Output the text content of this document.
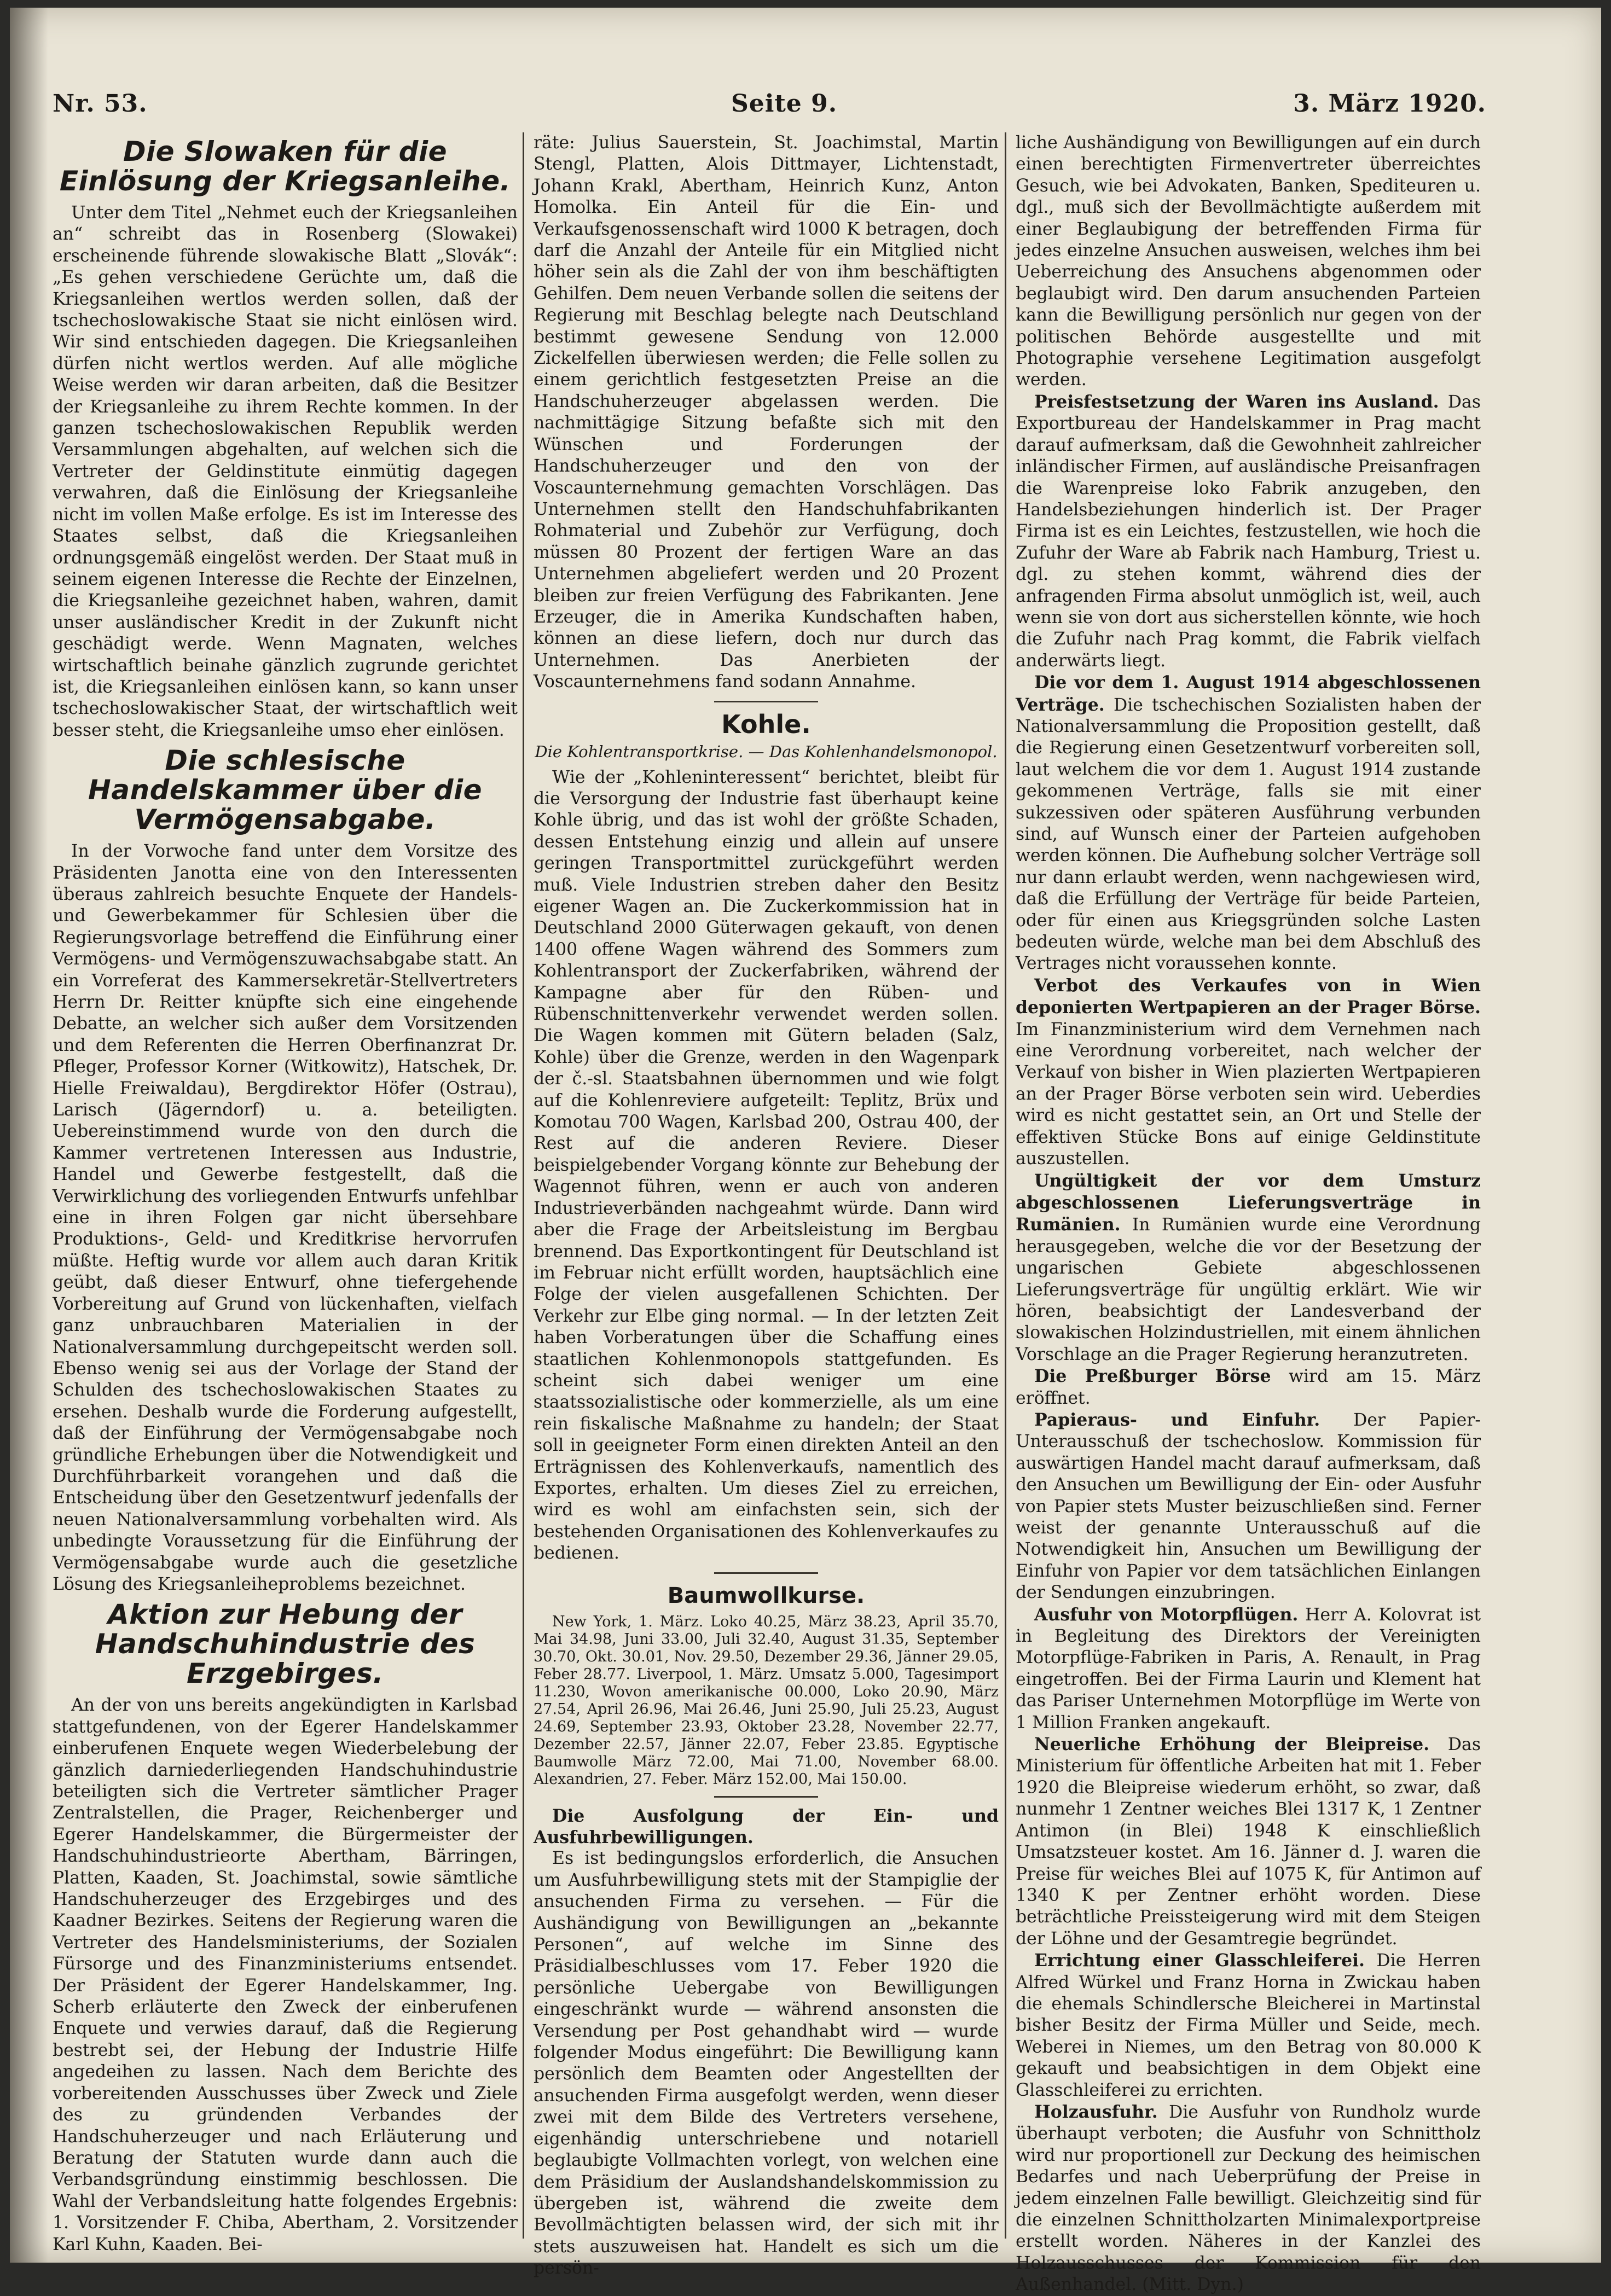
Nr. 53.	Seite 9.	3. März 1920.
Die Slowaken für die Einlösung der Kriegsanleihe.

Unter dem Titel „Nehmet euch der Kriegsanleihen an“ schreibt das in Rosenberg (Slowakei) erscheinende führende slowakische Blatt „Slovák“: „Es gehen verschiedene Gerüchte um, daß die Kriegsanleihen wertlos werden sollen, daß der tschechoslowakische Staat sie nicht einlösen wird. Wir sind entschieden dagegen. Die Kriegsanleihen dürfen nicht wertlos werden. Auf alle mögliche Weise werden wir daran arbeiten, daß die Besitzer der Kriegsanleihe zu ihrem Rechte kommen. In der ganzen tschechoslowakischen Republik werden Versammlungen abgehalten, auf welchen sich die Vertreter der Geldinstitute einmütig dagegen verwahren, daß die Einlösung der Kriegsanleihe nicht im vollen Maße erfolge. Es ist im Interesse des Staates selbst, daß die Kriegsanleihen ordnungsgemäß eingelöst werden. Der Staat muß in seinem eigenen Interesse die Rechte der Einzelnen, die Kriegsanleihe gezeichnet haben, wahren, damit unser ausländischer Kredit in der Zukunft nicht geschädigt werde. Wenn Magnaten, welches wirtschaftlich beinahe gänzlich zugrunde gerichtet ist, die Kriegsanleihen einlösen kann, so kann unser tschechoslowakischer Staat, der wirtschaftlich weit besser steht, die Kriegsanleihe umso eher einlösen.

Die schlesische Handelskammer über die Vermögensabgabe.

In der Vorwoche fand unter dem Vorsitze des Präsidenten Janotta eine von den Interessenten überaus zahlreich besuchte Enquete der Handels- und Gewerbekammer für Schlesien über die Regierungsvorlage betreffend die Einführung einer Vermögens- und Vermögenszuwachsabgabe statt. An ein Vorreferat des Kammersekretär-Stellvertreters Herrn Dr. Reitter knüpfte sich eine eingehende Debatte, an welcher sich außer dem Vorsitzenden und dem Referenten die Herren Oberfinanzrat Dr. Pfleger, Professor Korner (Witkowitz), Hatschek, Dr. Hielle Freiwaldau), Bergdirektor Höfer (Ostrau), Larisch (Jägerndorf) u. a. beteiligten. Uebereinstimmend wurde von den durch die Kammer vertretenen Interessen aus Industrie, Handel und Gewerbe festgestellt, daß die Verwirklichung des vorliegenden Entwurfs unfehlbar eine in ihren Folgen gar nicht übersehbare Produktions-, Geld- und Kreditkrise hervorrufen müßte. Heftig wurde vor allem auch daran Kritik geübt, daß dieser Entwurf, ohne tiefergehende Vorbereitung auf Grund von lückenhaften, vielfach ganz unbrauchbaren Materialien in der Nationalversammlung durchgepeitscht werden soll. Ebenso wenig sei aus der Vorlage der Stand der Schulden des tschechoslowakischen Staates zu ersehen. Deshalb wurde die Forderung aufgestellt, daß der Einführung der Vermögensabgabe noch gründliche Erhebungen über die Notwendigkeit und Durchführbarkeit vorangehen und daß die Entscheidung über den Gesetzentwurf jedenfalls der neuen Nationalversammlung vorbehalten wird. Als unbedingte Voraussetzung für die Einführung der Vermögensabgabe wurde auch die gesetzliche Lösung des Kriegsanleiheproblems bezeichnet.

Aktion zur Hebung der Handschuhindustrie des Erzgebirges.

An der von uns bereits angekündigten in Karlsbad stattgefundenen, von der Egerer Handelskammer einberufenen Enquete wegen Wiederbelebung der gänzlich darniederliegenden Handschuhindustrie beteiligten sich die Vertreter sämtlicher Prager Zentralstellen, die Prager, Reichenberger und Egerer Handelskammer, die Bürgermeister der Handschuhindustrieorte Abertham, Bärringen, Platten, Kaaden, St. Joachimstal, sowie sämtliche Handschuherzeuger des Erzgebirges und des Kaadner Bezirkes. Seitens der Regierung waren die Vertreter des Handelsministeriums, der Sozialen Fürsorge und des Finanzministeriums entsendet. Der Präsident der Egerer Handelskammer, Ing. Scherb erläuterte den Zweck der einberufenen Enquete und verwies darauf, daß die Regierung bestrebt sei, der Hebung der Industrie Hilfe angedeihen zu lassen. Nach dem Berichte des vorbereitenden Ausschusses über Zweck und Ziele des zu gründenden Verbandes der Handschuherzeuger und nach Erläuterung und Beratung der Statuten wurde dann auch die Verbandsgründung einstimmig beschlossen. Die Wahl der Verbandsleitung hatte folgendes Ergebnis: 1. Vorsitzender F. Chiba, Abertham, 2. Vorsitzender Karl Kuhn, Kaaden. Bei-

räte: Julius Sauerstein, St. Joachimstal, Martin Stengl, Platten, Alois Dittmayer, Lichtenstadt, Johann Krakl, Abertham, Heinrich Kunz, Anton Homolka. Ein Anteil für die Ein- und Verkaufsgenossenschaft wird 1000 K betragen, doch darf die Anzahl der Anteile für ein Mitglied nicht höher sein als die Zahl der von ihm beschäftigten Gehilfen. Dem neuen Verbande sollen die seitens der Regierung mit Beschlag belegte nach Deutschland bestimmt gewesene Sendung von 12.000 Zickelfellen überwiesen werden; die Felle sollen zu einem gerichtlich festgesetzten Preise an die Handschuherzeuger abgelassen werden. Die nachmittägige Sitzung befaßte sich mit den Wünschen und Forderungen der Handschuherzeuger und den von der Voscaunternehmung gemachten Vorschlägen. Das Unternehmen stellt den Handschuhfabrikanten Rohmaterial und Zubehör zur Verfügung, doch müssen 80 Prozent der fertigen Ware an das Unternehmen abgeliefert werden und 20 Prozent bleiben zur freien Verfügung des Fabrikanten. Jene Erzeuger, die in Amerika Kundschaften haben, können an diese liefern, doch nur durch das Unternehmen. Das Anerbieten der Voscaunternehmens fand sodann Annahme.

Kohle.
Die Kohlentransportkrise. — Das Kohlenhandelsmonopol.

Wie der „Kohleninteressent“ berichtet, bleibt für die Versorgung der Industrie fast überhaupt keine Kohle übrig, und das ist wohl der größte Schaden, dessen Entstehung einzig und allein auf unsere geringen Transportmittel zurückgeführt werden muß. Viele Industrien streben daher den Besitz eigener Wagen an. Die Zuckerkommission hat in Deutschland 2000 Güterwagen gekauft, von denen 1400 offene Wagen während des Sommers zum Kohlentransport der Zuckerfabriken, während der Kampagne aber für den Rüben- und Rübenschnittenverkehr verwendet werden sollen. Die Wagen kommen mit Gütern beladen (Salz, Kohle) über die Grenze, werden in den Wagenpark der č.-sl. Staatsbahnen übernommen und wie folgt auf die Kohlenreviere aufgeteilt: Teplitz, Brüx und Komotau 700 Wagen, Karlsbad 200, Ostrau 400, der Rest auf die anderen Reviere. Dieser beispielgebender Vorgang könnte zur Behebung der Wagennot führen, wenn er auch von anderen Industrieverbänden nachgeahmt würde. Dann wird aber die Frage der Arbeitsleistung im Bergbau brennend. Das Exportkontingent für Deutschland ist im Februar nicht erfüllt worden, hauptsächlich eine Folge der vielen ausgefallenen Schichten. Der Verkehr zur Elbe ging normal. — In der letzten Zeit haben Vorberatungen über die Schaffung eines staatlichen Kohlenmonopols stattgefunden. Es scheint sich dabei weniger um eine staatssozialistische oder kommerzielle, als um eine rein fiskalische Maßnahme zu handeln; der Staat soll in geeigneter Form einen direkten Anteil an den Erträgnissen des Kohlenverkaufs, namentlich des Exportes, erhalten. Um dieses Ziel zu erreichen, wird es wohl am einfachsten sein, sich der bestehenden Organisationen des Kohlenverkaufes zu bedienen.

Baumwollkurse.

New York, 1. März. Loko 40.25, März 38.23, April 35.70, Mai 34.98, Juni 33.00, Juli 32.40, August 31.35, September 30.70, Okt. 30.01, Nov. 29.50, Dezember 29.36, Jänner 29.05, Feber 28.77. Liverpool, 1. März. Umsatz 5.000, Tagesimport 11.230, Wovon amerikanische 00.000, Loko 20.90, März 27.54, April 26.96, Mai 26.46, Juni 25.90, Juli 25.23, August 24.69, September 23.93, Oktober 23.28, November 22.77, Dezember 22.57, Jänner 22.07, Feber 23.85. Egyptische Baumwolle März 72.00, Mai 71.00, November 68.00. Alexandrien, 27. Feber. März 152.00, Mai 150.00.

Die Ausfolgung der Ein- und Ausfuhrbewilligungen.

Es ist bedingungslos erforderlich, die Ansuchen um Ausfuhrbewilligung stets mit der Stampiglie der ansuchenden Firma zu versehen. — Für die Aushändigung von Bewilligungen an „bekannte Personen“, auf welche im Sinne des Präsidialbeschlusses vom 17. Feber 1920 die persönliche Uebergabe von Bewilligungen eingeschränkt wurde — während ansonsten die Versendung per Post gehandhabt wird — wurde folgender Modus eingeführt: Die Bewilligung kann persönlich dem Beamten oder Angestellten der ansuchenden Firma ausgefolgt werden, wenn dieser zwei mit dem Bilde des Vertreters versehene, eigenhändig unterschriebene und notariell beglaubigte Vollmachten vorlegt, von welchen eine dem Präsidium der Auslandshandelskommission zu übergeben ist, während die zweite dem Bevollmächtigten belassen wird, der sich mit ihr stets auszuweisen hat. Handelt es sich um die persön-

liche Aushändigung von Bewilligungen auf ein durch einen berechtigten Firmenvertreter überreichtes Gesuch, wie bei Advokaten, Banken, Spediteuren u. dgl., muß sich der Bevollmächtigte außerdem mit einer Beglaubigung der betreffenden Firma für jedes einzelne Ansuchen ausweisen, welches ihm bei Ueberreichung des Ansuchens abgenommen oder beglaubigt wird. Den darum ansuchenden Parteien kann die Bewilligung persönlich nur gegen von der politischen Behörde ausgestellte und mit Photographie versehene Legitimation ausgefolgt werden.

Preisfestsetzung der Waren ins Ausland. Das Exportbureau der Handelskammer in Prag macht darauf aufmerksam, daß die Gewohnheit zahlreicher inländischer Firmen, auf ausländische Preisanfragen die Warenpreise loko Fabrik anzugeben, den Handelsbeziehungen hinderlich ist. Der Prager Firma ist es ein Leichtes, festzustellen, wie hoch die Zufuhr der Ware ab Fabrik nach Hamburg, Triest u. dgl. zu stehen kommt, während dies der anfragenden Firma absolut unmöglich ist, weil, auch wenn sie von dort aus sicherstellen könnte, wie hoch die Zufuhr nach Prag kommt, die Fabrik vielfach anderwärts liegt.

Die vor dem 1. August 1914 abgeschlossenen Verträge. Die tschechischen Sozialisten haben der Nationalversammlung die Proposition gestellt, daß die Regierung einen Gesetzentwurf vorbereiten soll, laut welchem die vor dem 1. August 1914 zustande gekommenen Verträge, falls sie mit einer sukzessiven oder späteren Ausführung verbunden sind, auf Wunsch einer der Parteien aufgehoben werden können. Die Aufhebung solcher Verträge soll nur dann erlaubt werden, wenn nachgewiesen wird, daß die Erfüllung der Verträge für beide Parteien, oder für einen aus Kriegsgründen solche Lasten bedeuten würde, welche man bei dem Abschluß des Vertrages nicht voraussehen konnte.

Verbot des Verkaufes von in Wien deponierten Wertpapieren an der Prager Börse. Im Finanzministerium wird dem Vernehmen nach eine Verordnung vorbereitet, nach welcher der Verkauf von bisher in Wien plazierten Wertpapieren an der Prager Börse verboten sein wird. Ueberdies wird es nicht gestattet sein, an Ort und Stelle der effektiven Stücke Bons auf einige Geldinstitute auszustellen.

Ungültigkeit der vor dem Umsturz abgeschlossenen Lieferungsverträge in Rumänien. In Rumänien wurde eine Verordnung herausgegeben, welche die vor der Besetzung der ungarischen Gebiete abgeschlossenen Lieferungsverträge für ungültig erklärt. Wie wir hören, beabsichtigt der Landesverband der slowakischen Holzindustriellen, mit einem ähnlichen Vorschlage an die Prager Regierung heranzutreten.

Die Preßburger Börse wird am 15. März eröffnet.

Papieraus- und Einfuhr. Der Papier-Unterausschuß der tschechoslow. Kommission für auswärtigen Handel macht darauf aufmerksam, daß den Ansuchen um Bewilligung der Ein- oder Ausfuhr von Papier stets Muster beizuschließen sind. Ferner weist der genannte Unterausschuß auf die Notwendigkeit hin, Ansuchen um Bewilligung der Einfuhr von Papier vor dem tatsächlichen Einlangen der Sendungen einzubringen.

Ausfuhr von Motorpflügen. Herr A. Kolovrat ist in Begleitung des Direktors der Vereinigten Motorpflüge-Fabriken in Paris, A. Renault, in Prag eingetroffen. Bei der Firma Laurin und Klement hat das Pariser Unternehmen Motorpflüge im Werte von 1 Million Franken angekauft.

Neuerliche Erhöhung der Bleipreise. Das Ministerium für öffentliche Arbeiten hat mit 1. Feber 1920 die Bleipreise wiederum erhöht, so zwar, daß nunmehr 1 Zentner weiches Blei 1317 K, 1 Zentner Antimon (in Blei) 1948 K einschließlich Umsatzsteuer kostet. Am 16. Jänner d. J. waren die Preise für weiches Blei auf 1075 K, für Antimon auf 1340 K per Zentner erhöht worden. Diese beträchtliche Preissteigerung wird mit dem Steigen der Löhne und der Gesamtregie begründet.

Errichtung einer Glasschleiferei. Die Herren Alfred Würkel und Franz Horna in Zwickau haben die ehemals Schindlersche Bleicherei in Martinstal bisher Besitz der Firma Müller und Seide, mech. Weberei in Niemes, um den Betrag von 80.000 K gekauft und beabsichtigen in dem Objekt eine Glasschleiferei zu errichten.

Holzausfuhr. Die Ausfuhr von Rundholz wurde überhaupt verboten; die Ausfuhr von Schnittholz wird nur proportionell zur Deckung des heimischen Bedarfes und nach Ueberprüfung der Preise in jedem einzelnen Falle bewilligt. Gleichzeitig sind für die einzelnen Schnittholzarten Minimalexportpreise erstellt worden. Näheres in der Kanzlei des Holzausschusses der Kommission für den Außenhandel. (Mitt. Dyn.)
